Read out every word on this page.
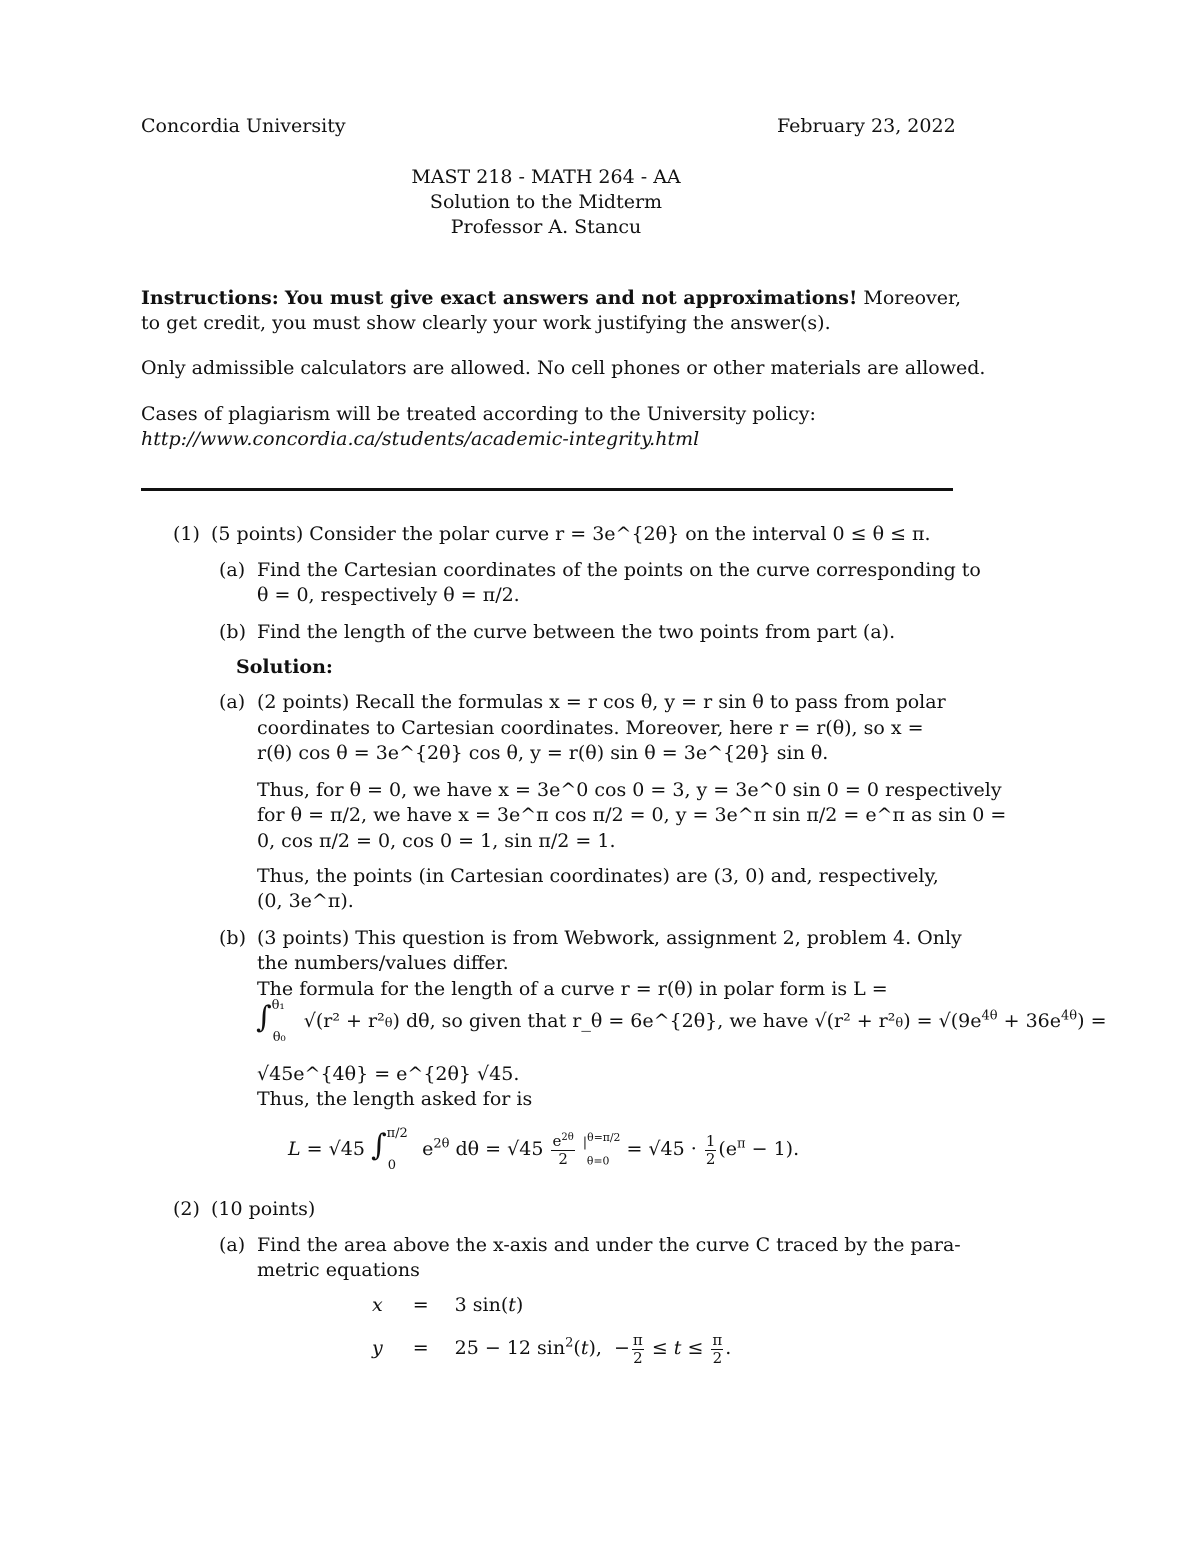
Concordia University	February 23, 2022
MAST 218 - MATH 264 - AA
Solution to the Midterm
Professor A. Stancu
Instructions: You must give exact answers and not approximations! Moreover,
to get credit, you must show clearly your work justifying the answer(s).
Only admissible calculators are allowed. No cell phones or other materials are allowed.
Cases of plagiarism will be treated according to the University policy:
http://www.concordia.ca/students/academic-integrity.html
(1) (5 points) Consider the polar curve r = 3e^{2θ} on the interval 0 ≤ θ ≤ π.
(a) Find the Cartesian coordinates of the points on the curve corresponding to
θ = 0, respectively θ = π/2.
(b) Find the length of the curve between the two points from part (a).
Solution:
(a) (2 points) Recall the formulas x = r cos θ, y = r sin θ to pass from polar
coordinates to Cartesian coordinates. Moreover, here r = r(θ), so x =
r(θ) cos θ = 3e^{2θ} cos θ, y = r(θ) sin θ = 3e^{2θ} sin θ.
Thus, for θ = 0, we have x = 3e^0 cos 0 = 3, y = 3e^0 sin 0 = 0 respectively
for θ = π/2, we have x = 3e^π cos π/2 = 0, y = 3e^π sin π/2 = e^π as sin 0 =
0, cos π/2 = 0, cos 0 = 1, sin π/2 = 1.
Thus, the points (in Cartesian coordinates) are (3, 0) and, respectively,
(0, 3e^π).
(b) (3 points) This question is from Webwork, assignment 2, problem 4. Only
the numbers/values differ.
The formula for the length of a curve r = r(θ) in polar form is L =
∫$^{\theta_1}_{\theta_0}$ √(r² + r²θ) dθ, so given that r_θ = 6e^{2θ}, we have $√(r^2 + r^2\theta) = √(9e^{4\theta} + 36e^{4\theta})$ =
√45e^{4θ} = e^{2θ} √45.
Thus, the length asked for is
L = √45 ∫$^{\pi/2}_0$ $e^{2\theta}$ $d\theta = √45 \frac{e^{2\theta}}{2} |^{\theta=\pi/2}$
$_{\theta=0} = √45 \cdot \frac{1}{2} (e^\pi - 1)$.
(2) (10 points)
(a) Find the area above the x-axis and under the curve C traced by the para-
metric equations
x = 3 sin(t)
y = 25 − 12 $\sin^2(t)$,  − $\frac{\pi}{2} \le t \le \frac{\pi}{2}$ .
